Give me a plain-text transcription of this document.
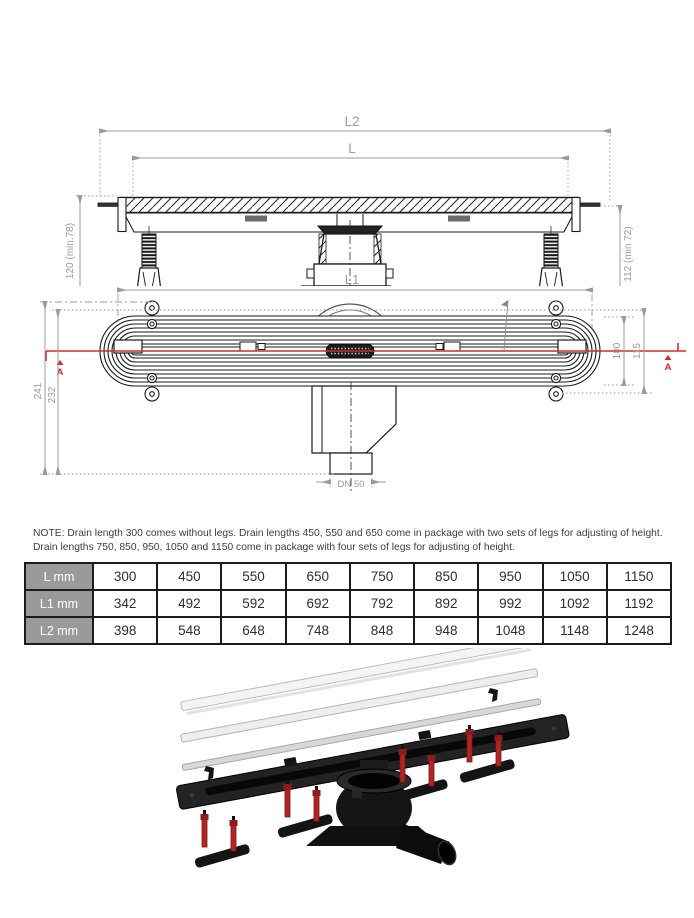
L2
L
120 (min.78)	112 (min 72)
L1
DN 50
A	A
241 232
100 115
NOTE: Drain length 300 comes without legs. Drain lengths 450, 550 and 650 come in package with two sets of legs for adjusting of height. Drain lengths 750, 850, 950, 1050 and 1150 come in package with four sets of legs for adjusting of height.
L mm	300	450	550	650	750	850	950	1050	1150
L1 mm	342	492	592	692	792	892	992	1092	1192
L2 mm	398	548	648	748	848	948	1048	1148	1248
